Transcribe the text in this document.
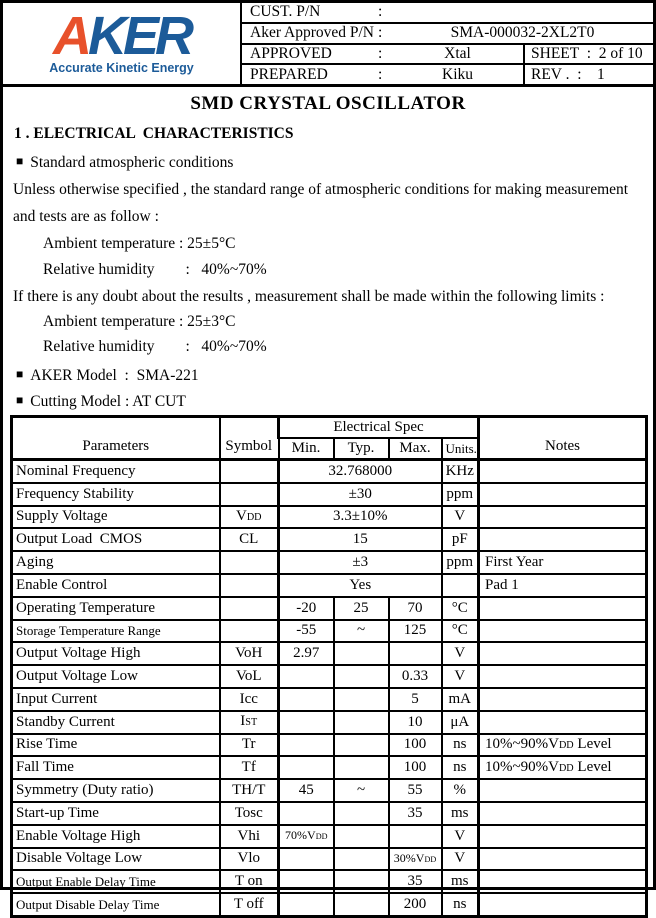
AKER
Accurate Kinetic Energy
CUST. P/N	:
Aker Approved P/N :	SMA-000032-2XL2T0
APPROVED	:	Xtal	SHEET  :  2 of 10
PREPARED	:	Kiku	REV .  :    1
SMD CRYSTAL OSCILLATOR
1 . ELECTRICAL  CHARACTERISTICS
■ Standard atmospheric conditions
Unless otherwise specified , the standard range of atmospheric conditions for making measurement
and tests are as follow :
Ambient temperature : 25±5°C
Relative humidity        :   40%~70%
If there is any doubt about the results , measurement shall be made within the following limits :
Ambient temperature : 25±3°C
Relative humidity        :   40%~70%
■ AKER Model  :  SMA-221
■ Cutting Model : AT CUT
Parameters	Symbol	Electrical Spec				Notes
		Min.	Typ.	Max.	Units.	
Nominal Frequency		32.768000			KHz	
Frequency Stability		±30			ppm	
Supply Voltage	VDD	3.3±10%			V	
Output Load  CMOS	CL	15			pF	
Aging		±3			ppm	First Year
Enable Control		Yes				Pad 1
Operating Temperature		-20	25	70	°C	
Storage Temperature Range		-55	~	125	°C	
Output Voltage High	VoH	2.97			V	
Output Voltage Low	VoL			0.33	V	
Input Current	Icc			5	mA	
Standby Current	IST			10	μA	
Rise Time	Tr			100	ns	10%~90%VDD Level
Fall Time	Tf			100	ns	10%~90%VDD Level
Symmetry (Duty ratio)	TH/T	45	~	55	%	
Start-up Time	Tosc			35	ms	
Enable Voltage High	Vhi	70%VDD			V	
Disable Voltage Low	Vlo			30%VDD	V	
Output Enable Delay Time	T on			35	ms	
Output Disable Delay Time	T off			200	ns	
